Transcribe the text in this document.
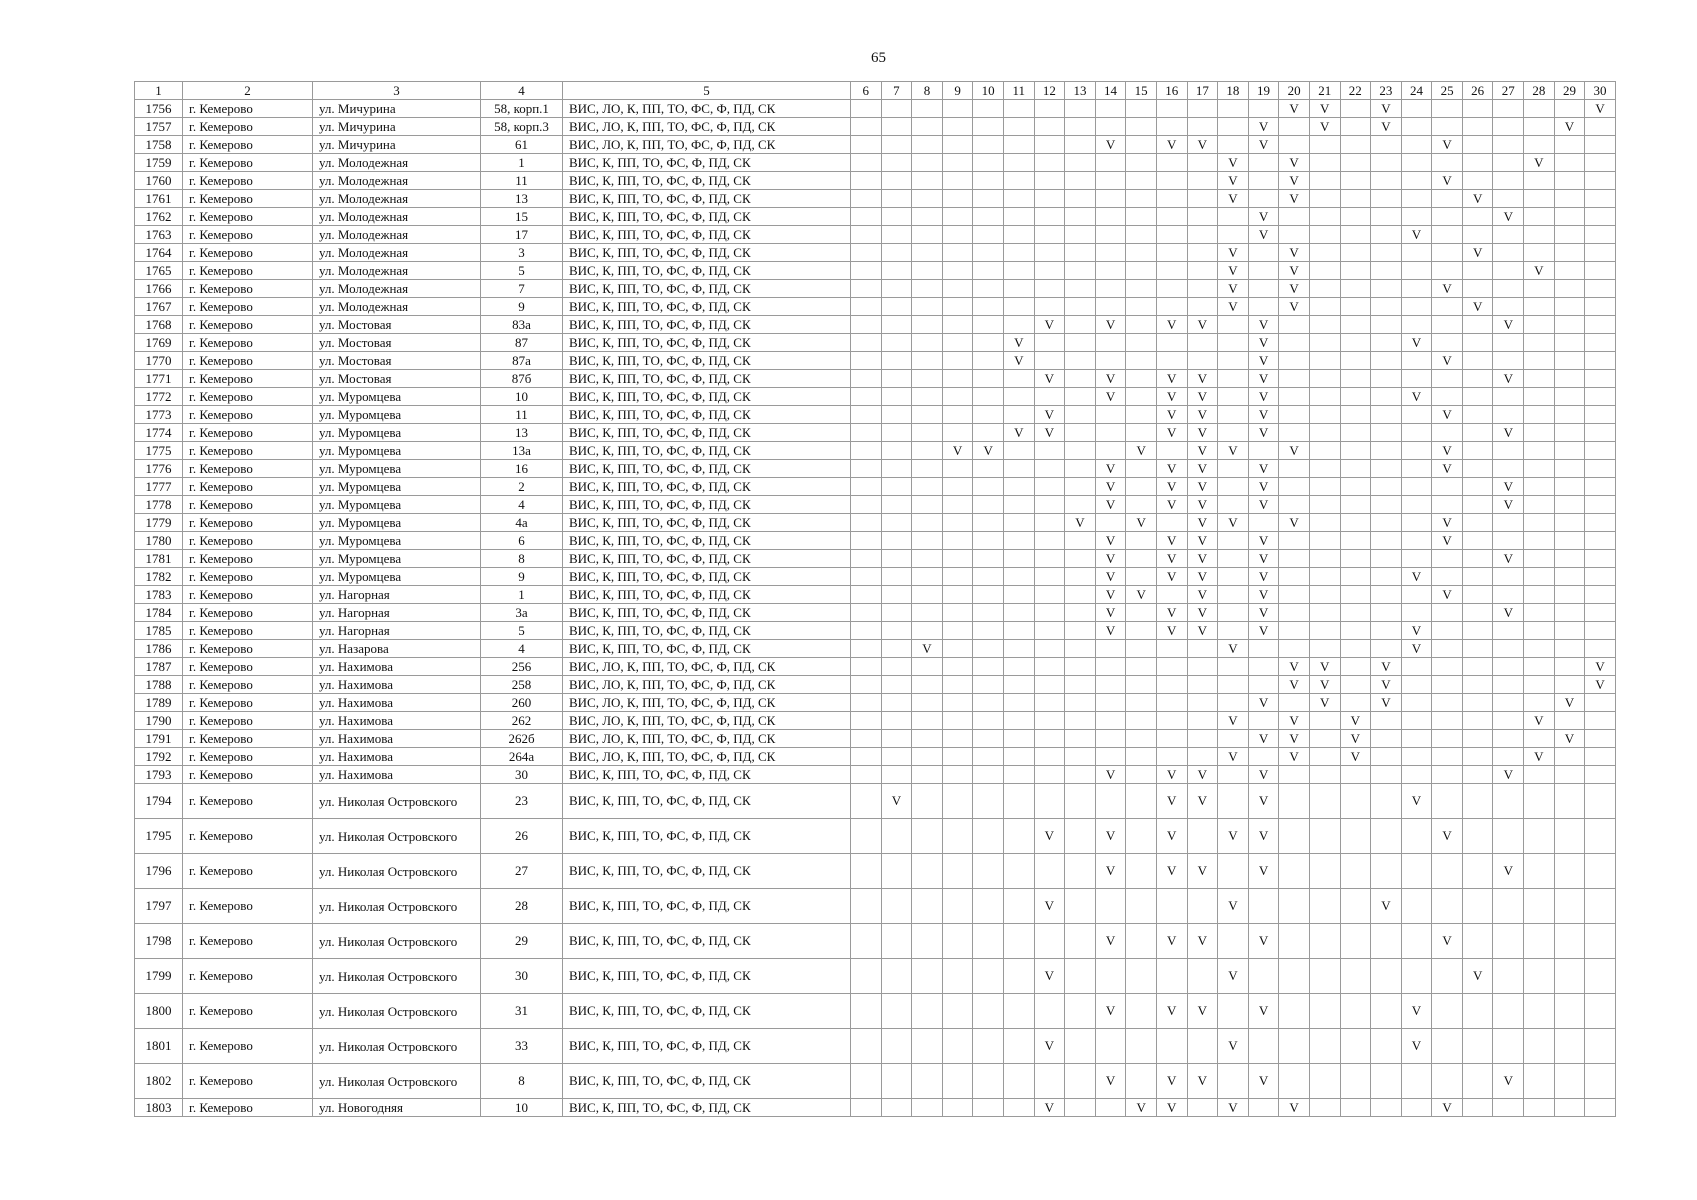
65
1	2	3	4	5	6	7	8	9	10	11	12	13	14	15	16	17	18	19	20	21	22	23	24	25	26	27	28	29	30
1756	г. Кемерово	ул. Мичурина	58, корп.1	ВИС, ЛО, К, ПП, ТО, ФС, Ф, ПД, СК															V	V		V							V
1757	г. Кемерово	ул. Мичурина	58, корп.3	ВИС, ЛО, К, ПП, ТО, ФС, Ф, ПД, СК														V		V		V						V	
1758	г. Кемерово	ул. Мичурина	61	ВИС, ЛО, К, ПП, ТО, ФС, Ф, ПД, СК									V		V	V		V						V					
1759	г. Кемерово	ул. Молодежная	1	ВИС, К, ПП, ТО, ФС, Ф, ПД, СК													V		V								V		
1760	г. Кемерово	ул. Молодежная	11	ВИС, К, ПП, ТО, ФС, Ф, ПД, СК													V		V					V					
1761	г. Кемерово	ул. Молодежная	13	ВИС, К, ПП, ТО, ФС, Ф, ПД, СК													V		V						V				
1762	г. Кемерово	ул. Молодежная	15	ВИС, К, ПП, ТО, ФС, Ф, ПД, СК														V								V			
1763	г. Кемерово	ул. Молодежная	17	ВИС, К, ПП, ТО, ФС, Ф, ПД, СК														V					V						
1764	г. Кемерово	ул. Молодежная	3	ВИС, К, ПП, ТО, ФС, Ф, ПД, СК													V		V						V				
1765	г. Кемерово	ул. Молодежная	5	ВИС, К, ПП, ТО, ФС, Ф, ПД, СК													V		V								V		
1766	г. Кемерово	ул. Молодежная	7	ВИС, К, ПП, ТО, ФС, Ф, ПД, СК													V		V					V					
1767	г. Кемерово	ул. Молодежная	9	ВИС, К, ПП, ТО, ФС, Ф, ПД, СК													V		V						V				
1768	г. Кемерово	ул. Мостовая	83а	ВИС, К, ПП, ТО, ФС, Ф, ПД, СК							V		V		V	V		V								V			
1769	г. Кемерово	ул. Мостовая	87	ВИС, К, ПП, ТО, ФС, Ф, ПД, СК						V								V					V						
1770	г. Кемерово	ул. Мостовая	87а	ВИС, К, ПП, ТО, ФС, Ф, ПД, СК						V								V						V					
1771	г. Кемерово	ул. Мостовая	87б	ВИС, К, ПП, ТО, ФС, Ф, ПД, СК							V		V		V	V		V								V			
1772	г. Кемерово	ул. Муромцева	10	ВИС, К, ПП, ТО, ФС, Ф, ПД, СК									V		V	V		V					V						
1773	г. Кемерово	ул. Муромцева	11	ВИС, К, ПП, ТО, ФС, Ф, ПД, СК							V				V	V		V						V					
1774	г. Кемерово	ул. Муромцева	13	ВИС, К, ПП, ТО, ФС, Ф, ПД, СК						V	V				V	V		V								V			
1775	г. Кемерово	ул. Муромцева	13а	ВИС, К, ПП, ТО, ФС, Ф, ПД, СК				V	V					V		V	V		V					V					
1776	г. Кемерово	ул. Муромцева	16	ВИС, К, ПП, ТО, ФС, Ф, ПД, СК									V		V	V		V						V					
1777	г. Кемерово	ул. Муромцева	2	ВИС, К, ПП, ТО, ФС, Ф, ПД, СК									V		V	V		V								V			
1778	г. Кемерово	ул. Муромцева	4	ВИС, К, ПП, ТО, ФС, Ф, ПД, СК									V		V	V		V								V			
1779	г. Кемерово	ул. Муромцева	4а	ВИС, К, ПП, ТО, ФС, Ф, ПД, СК								V		V		V	V		V					V					
1780	г. Кемерово	ул. Муромцева	6	ВИС, К, ПП, ТО, ФС, Ф, ПД, СК									V		V	V		V						V					
1781	г. Кемерово	ул. Муромцева	8	ВИС, К, ПП, ТО, ФС, Ф, ПД, СК									V		V	V		V								V			
1782	г. Кемерово	ул. Муромцева	9	ВИС, К, ПП, ТО, ФС, Ф, ПД, СК									V		V	V		V					V						
1783	г. Кемерово	ул. Нагорная	1	ВИС, К, ПП, ТО, ФС, Ф, ПД, СК									V	V		V		V						V					
1784	г. Кемерово	ул. Нагорная	3а	ВИС, К, ПП, ТО, ФС, Ф, ПД, СК									V		V	V		V								V			
1785	г. Кемерово	ул. Нагорная	5	ВИС, К, ПП, ТО, ФС, Ф, ПД, СК									V		V	V		V					V						
1786	г. Кемерово	ул. Назарова	4	ВИС, К, ПП, ТО, ФС, Ф, ПД, СК			V										V						V						
1787	г. Кемерово	ул. Нахимова	256	ВИС, ЛО, К, ПП, ТО, ФС, Ф, ПД, СК															V	V		V							V
1788	г. Кемерово	ул. Нахимова	258	ВИС, ЛО, К, ПП, ТО, ФС, Ф, ПД, СК															V	V		V							V
1789	г. Кемерово	ул. Нахимова	260	ВИС, ЛО, К, ПП, ТО, ФС, Ф, ПД, СК														V		V		V						V	
1790	г. Кемерово	ул. Нахимова	262	ВИС, ЛО, К, ПП, ТО, ФС, Ф, ПД, СК													V		V		V						V		
1791	г. Кемерово	ул. Нахимова	262б	ВИС, ЛО, К, ПП, ТО, ФС, Ф, ПД, СК														V	V		V							V	
1792	г. Кемерово	ул. Нахимова	264а	ВИС, ЛО, К, ПП, ТО, ФС, Ф, ПД, СК													V		V		V						V		
1793	г. Кемерово	ул. Нахимова	30	ВИС, К, ПП, ТО, ФС, Ф, ПД, СК									V		V	V		V								V			
1794	г. Кемерово	ул. Николая Островского	23	ВИС, К, ПП, ТО, ФС, Ф, ПД, СК		V									V	V		V					V						
1795	г. Кемерово	ул. Николая Островского	26	ВИС, К, ПП, ТО, ФС, Ф, ПД, СК							V		V		V		V	V						V					
1796	г. Кемерово	ул. Николая Островского	27	ВИС, К, ПП, ТО, ФС, Ф, ПД, СК									V		V	V		V								V			
1797	г. Кемерово	ул. Николая Островского	28	ВИС, К, ПП, ТО, ФС, Ф, ПД, СК							V						V					V							
1798	г. Кемерово	ул. Николая Островского	29	ВИС, К, ПП, ТО, ФС, Ф, ПД, СК									V		V	V		V						V					
1799	г. Кемерово	ул. Николая Островского	30	ВИС, К, ПП, ТО, ФС, Ф, ПД, СК							V						V								V				
1800	г. Кемерово	ул. Николая Островского	31	ВИС, К, ПП, ТО, ФС, Ф, ПД, СК									V		V	V		V					V						
1801	г. Кемерово	ул. Николая Островского	33	ВИС, К, ПП, ТО, ФС, Ф, ПД, СК							V						V						V						
1802	г. Кемерово	ул. Николая Островского	8	ВИС, К, ПП, ТО, ФС, Ф, ПД, СК									V		V	V		V								V			
1803	г. Кемерово	ул. Новогодняя	10	ВИС, К, ПП, ТО, ФС, Ф, ПД, СК							V			V	V		V		V					V					
